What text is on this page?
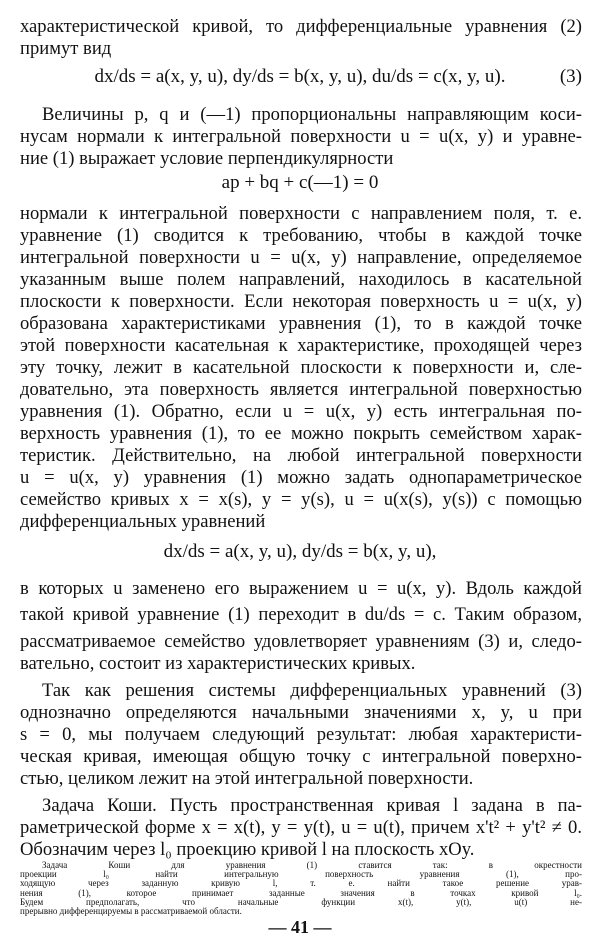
характеристической кривой, то дифференциальные уравнения (2)
примут вид
dx/ds = a(x, y, u), dy/ds = b(x, y, u), du/ds = c(x, y, u).	(3)
Величины p, q и (—1) пропорциональны направляющим коси-
нусам нормали к интегральной поверхности u = u(x, y) и уравне-
ние (1) выражает условие перпендикулярности
ap + bq + c(—1) = 0
нормали к интегральной поверхности с направлением поля, т. е.
уравнение (1) сводится к требованию, чтобы в каждой точке
интегральной поверхности u = u(x, y) направление, определяемое
указанным выше полем направлений, находилось в касательной
плоскости к поверхности. Если некоторая поверхность u = u(x, y)
образована характеристиками уравнения (1), то в каждой точке
этой поверхности касательная к характеристике, проходящей через
эту точку, лежит в касательной плоскости к поверхности и, сле-
довательно, эта поверхность является интегральной поверхностью
уравнения (1). Обратно, если u = u(x, y) есть интегральная по-
верхность уравнения (1), то ее можно покрыть семейством харак-
теристик. Действительно, на любой интегральной поверхности
u = u(x, y) уравнения (1) можно задать однопараметрическое
семейство кривых x = x(s), y = y(s), u = u(x(s), y(s)) с помощью
дифференциальных уравнений
dx/ds = a(x, y, u), dy/ds = b(x, y, u),
в которых u заменено его выражением u = u(x, y). Вдоль каждой
такой кривой уравнение (1) переходит в du/ds = c. Таким образом,
рассматриваемое семейство удовлетворяет уравнениям (3) и, следо-
вательно, состоит из характеристических кривых.
Так как решения системы дифференциальных уравнений (3)
однозначно определяются начальными значениями x, y, u при
s = 0, мы получаем следующий результат: любая характеристи-
ческая кривая, имеющая общую точку с интегральной поверхно-
стью, целиком лежит на этой интегральной поверхности.
Задача Коши. Пусть пространственная кривая l задана в па-
раметрической форме x = x(t), y = y(t), u = u(t), причем x't² + y't² ≠ 0.
Обозначим через l₀ проекцию кривой l на плоскость xOy.
— 41 —
Задача Коши для уравнения (1) ставится так: в окрестности
проекции l₀ найти интегральную поверхность уравнения (1), про-
ходящую через заданную кривую l, т. е. найти такое решение урав-
нения (1), которое принимает заданные значения в точках кривой l₀.
Будем предполагать, что начальные функции x(t), y(t), u(t) не-
прерывно дифференцируемы в рассматриваемой области.
